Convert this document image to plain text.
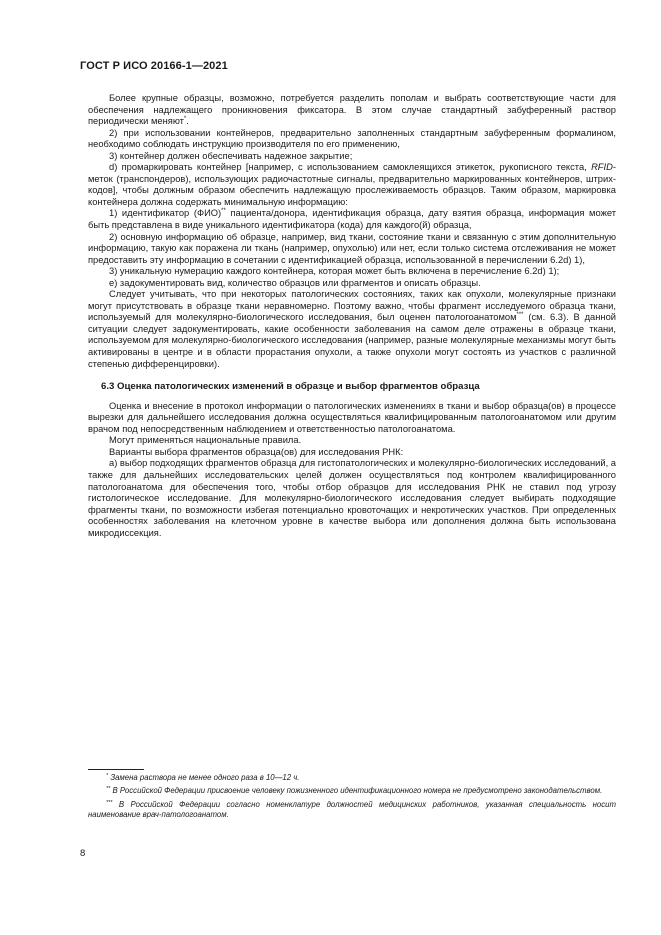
ГОСТ Р ИСО 20166-1—2021

Более крупные образцы, возможно, потребуется разделить пополам и выбрать соответствующие части для обеспечения надлежащего проникновения фиксатора. В этом случае стандартный забуференный раствор периодически меняют*.

2) при использовании контейнеров, предварительно заполненных стандартным забуференным формалином, необходимо соблюдать инструкцию производителя по его применению,

3) контейнер должен обеспечивать надежное закрытие;

d) промаркировать контейнер [например, с использованием самоклеящихся этикеток, рукописного текста, RFID-меток (транспондеров), использующих радиочастотные сигналы, предварительно маркированных контейнеров, штрих-кодов], чтобы должным образом обеспечить надлежащую прослеживаемость образцов. Таким образом, маркировка контейнера должна содержать минимальную информацию:

1) идентификатор (ФИО)** пациента/донора, идентификация образца, дату взятия образца, информация может быть представлена в виде уникального идентификатора (кода) для каждого(й) образца,

2) основную информацию об образце, например, вид ткани, состояние ткани и связанную с этим дополнительную информацию, такую как поражена ли ткань (например, опухолью) или нет, если только система отслеживания не может предоставить эту информацию в сочетании с идентификацией образца, использованной в перечислении 6.2d) 1),

3) уникальную нумерацию каждого контейнера, которая может быть включена в перечисление 6.2d) 1);

e) задокументировать вид, количество образцов или фрагментов и описать образцы.

Следует учитывать, что при некоторых патологических состояниях, таких как опухоли, молекулярные признаки могут присутствовать в образце ткани неравномерно. Поэтому важно, чтобы фрагмент исследуемого образца ткани, используемый для молекулярно-биологического исследования, был оценен патологоанатомом*** (см. 6.3). В данной ситуации следует задокументировать, какие особенности заболевания на самом деле отражены в образце ткани, используемом для молекулярно-биологического исследования (например, разные молекулярные механизмы могут быть активированы в центре и в области прорастания опухоли, а также опухоли могут состоять из участков с различной степенью дифференцировки).

6.3 Оценка патологических изменений в образце и выбор фрагментов образца

Оценка и внесение в протокол информации о патологических изменениях в ткани и выбор образца(ов) в процессе вырезки для дальнейшего исследования должна осуществляться квалифицированным патологоанатомом или другим врачом под непосредственным наблюдением и ответственностью патологоанатома.

Могут применяться национальные правила.

Варианты выбора фрагментов образца(ов) для исследования РНК:

a) выбор подходящих фрагментов образца для гистопатологических и молекулярно-биологических исследований, а также для дальнейших исследовательских целей должен осуществляться под контролем квалифицированного патологоанатома для обеспечения того, чтобы отбор образцов для исследования РНК не ставил под угрозу гистологическое исследование. Для молекулярно-биологического исследования следует выбирать подходящие фрагменты ткани, по возможности избегая потенциально кровоточащих и некротических участков. При определенных особенностях заболевания на клеточном уровне в качестве выбора или дополнения должна быть использована микродиссекция.

* Замена раствора не менее одного раза в 10—12 ч.

** В Российской Федерации присвоение человеку пожизненного идентификационного номера не предусмотрено законодательством.

*** В Российской Федерации согласно номенклатуре должностей медицинских работников, указанная специальность носит наименование врач-патологоанатом.

8
